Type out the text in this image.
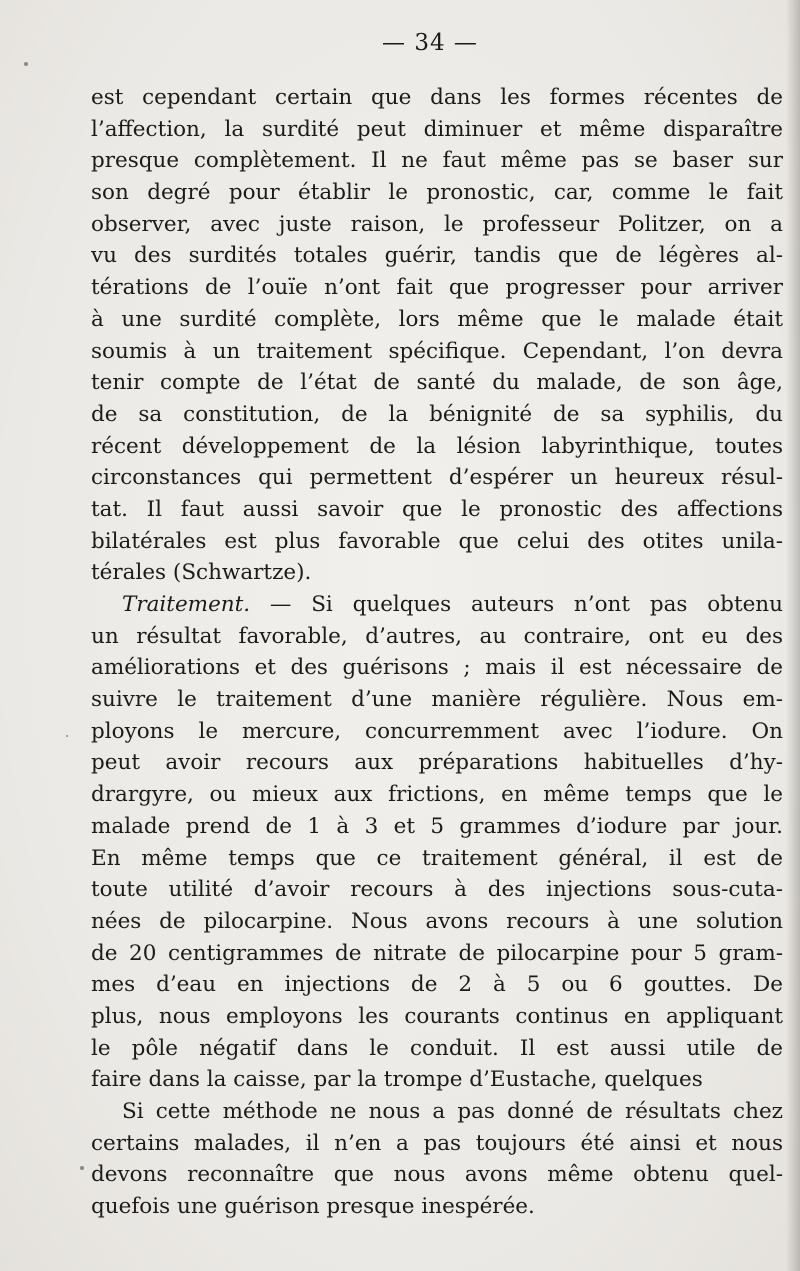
— 34 —
est cependant certain que dans les formes récentes de
l’affection, la surdité peut diminuer et même disparaître
presque complètement. Il ne faut même pas se baser sur
son degré pour établir le pronostic, car, comme le fait
observer, avec juste raison, le professeur Politzer, on a
vu des surdités totales guérir, tandis que de légères al-
térations de l’ouïe n’ont fait que progresser pour arriver
à une surdité complète, lors même que le malade était
soumis à un traitement spécifique. Cependant, l’on devra
tenir compte de l’état de santé du malade, de son âge,
de sa constitution, de la bénignité de sa syphilis, du
récent développement de la lésion labyrinthique, toutes
circonstances qui permettent d’espérer un heureux résul-
tat. Il faut aussi savoir que le pronostic des affections
bilatérales est plus favorable que celui des otites unila-
térales (Schwartze).
Traitement. — Si quelques auteurs n’ont pas obtenu
un résultat favorable, d’autres, au contraire, ont eu des
améliorations et des guérisons ; mais il est nécessaire de
suivre le traitement d’une manière régulière. Nous em-
ployons le mercure, concurremment avec l’iodure. On
peut avoir recours aux préparations habituelles d’hy-
drargyre, ou mieux aux frictions, en même temps que le
malade prend de 1 à 3 et 5 grammes d’iodure par jour.
En même temps que ce traitement général, il est de
toute utilité d’avoir recours à des injections sous-cuta-
nées de pilocarpine. Nous avons recours à une solution
de 20 centigrammes de nitrate de pilocarpine pour 5 gram-
mes d’eau en injections de 2 à 5 ou 6 gouttes. De
plus, nous employons les courants continus en appliquant
le pôle négatif dans le conduit. Il est aussi utile de
faire dans la caisse, par la trompe d’Eustache, quelques
Si cette méthode ne nous a pas donné de résultats chez
certains malades, il n’en a pas toujours été ainsi et nous
devons reconnaître que nous avons même obtenu quel-
quefois une guérison presque inespérée.
